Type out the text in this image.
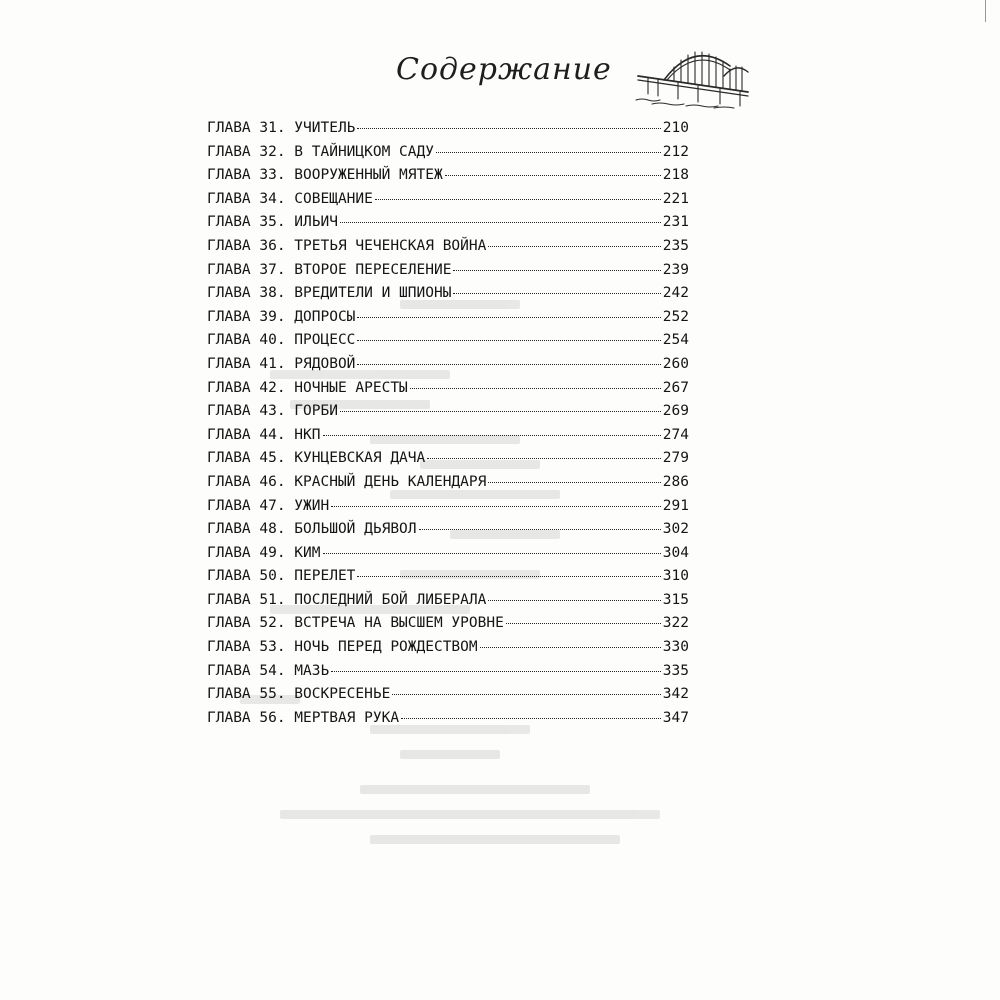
Содержание
ГЛАВА 31. УЧИТЕЛЬ	210
ГЛАВА 32. В ТАЙНИЦКОМ САДУ	212
ГЛАВА 33. ВООРУЖЕННЫЙ МЯТЕЖ	218
ГЛАВА 34. СОВЕЩАНИЕ	221
ГЛАВА 35. ИЛЬИЧ	231
ГЛАВА 36. ТРЕТЬЯ ЧЕЧЕНСКАЯ ВОЙНА	235
ГЛАВА 37. ВТОРОЕ ПЕРЕСЕЛЕНИЕ	239
ГЛАВА 38. ВРЕДИТЕЛИ И ШПИОНЫ	242
ГЛАВА 39. ДОПРОСЫ	252
ГЛАВА 40. ПРОЦЕСС	254
ГЛАВА 41. РЯДОВОЙ	260
ГЛАВА 42. НОЧНЫЕ АРЕСТЫ	267
ГЛАВА 43. ГОРБИ	269
ГЛАВА 44. НКП	274
ГЛАВА 45. КУНЦЕВСКАЯ ДАЧА	279
ГЛАВА 46. КРАСНЫЙ ДЕНЬ КАЛЕНДАРЯ	286
ГЛАВА 47. УЖИН	291
ГЛАВА 48. БОЛЬШОЙ ДЬЯВОЛ	302
ГЛАВА 49. КИМ	304
ГЛАВА 50. ПЕРЕЛЕТ	310
ГЛАВА 51. ПОСЛЕДНИЙ БОЙ ЛИБЕРАЛА	315
ГЛАВА 52. ВСТРЕЧА НА ВЫСШЕМ УРОВНЕ	322
ГЛАВА 53. НОЧЬ ПЕРЕД РОЖДЕСТВОМ	330
ГЛАВА 54. МАЗЬ	335
ГЛАВА 55. ВОСКРЕСЕНЬЕ	342
ГЛАВА 56. МЕРТВАЯ РУКА	347
